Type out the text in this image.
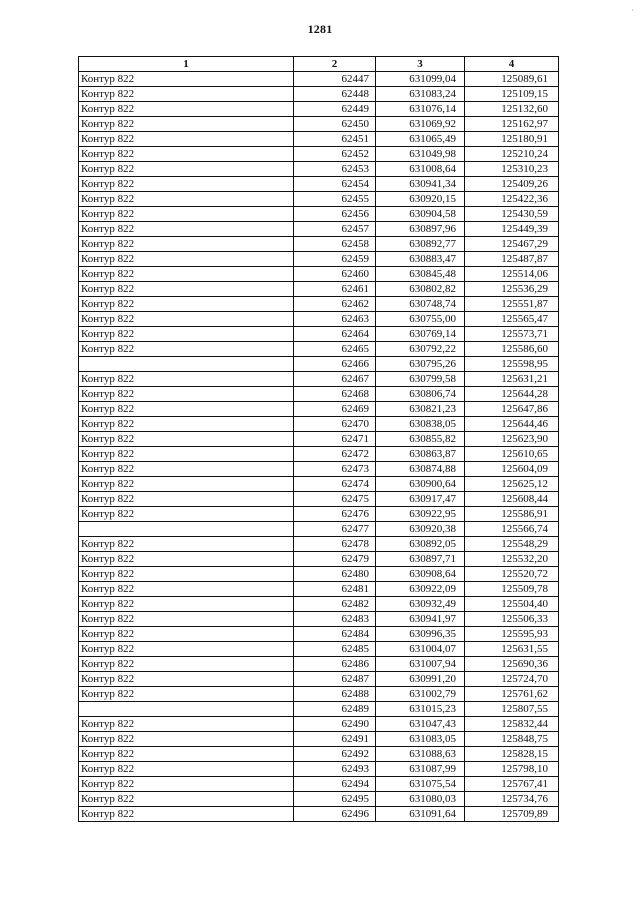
1281
·
1	2	3	4
Контур 822	62447	631099,04	125089,61
Контур 822	62448	631083,24	125109,15
Контур 822	62449	631076,14	125132,60
Контур 822	62450	631069,92	125162,97
Контур 822	62451	631065,49	125180,91
Контур 822	62452	631049,98	125210,24
Контур 822	62453	631008,64	125310,23
Контур 822	62454	630941,34	125409,26
Контур 822	62455	630920,15	125422,36
Контур 822	62456	630904,58	125430,59
Контур 822	62457	630897,96	125449,39
Контур 822	62458	630892,77	125467,29
Контур 822	62459	630883,47	125487,87
Контур 822	62460	630845,48	125514,06
Контур 822	62461	630802,82	125536,29
Контур 822	62462	630748,74	125551,87
Контур 822	62463	630755,00	125565,47
Контур 822	62464	630769,14	125573,71
Контур 822	62465	630792,22	125586,60
	62466	630795,26	125598,95
Контур 822	62467	630799,58	125631,21
Контур 822	62468	630806,74	125644,28
Контур 822	62469	630821,23	125647,86
Контур 822	62470	630838,05	125644,46
Контур 822	62471	630855,82	125623,90
Контур 822	62472	630863,87	125610,65
Контур 822	62473	630874,88	125604,09
Контур 822	62474	630900,64	125625,12
Контур 822	62475	630917,47	125608,44
Контур 822	62476	630922,95	125586,91
	62477	630920,38	125566,74
Контур 822	62478	630892,05	125548,29
Контур 822	62479	630897,71	125532,20
Контур 822	62480	630908,64	125520,72
Контур 822	62481	630922,09	125509,78
Контур 822	62482	630932,49	125504,40
Контур 822	62483	630941,97	125506,33
Контур 822	62484	630996,35	125595,93
Контур 822	62485	631004,07	125631,55
Контур 822	62486	631007,94	125690,36
Контур 822	62487	630991,20	125724,70
Контур 822	62488	631002,79	125761,62
	62489	631015,23	125807,55
Контур 822	62490	631047,43	125832,44
Контур 822	62491	631083,05	125848,75
Контур 822	62492	631088,63	125828,15
Контур 822	62493	631087,99	125798,10
Контур 822	62494	631075,54	125767,41
Контур 822	62495	631080,03	125734,76
Контур 822	62496	631091,64	125709,89
